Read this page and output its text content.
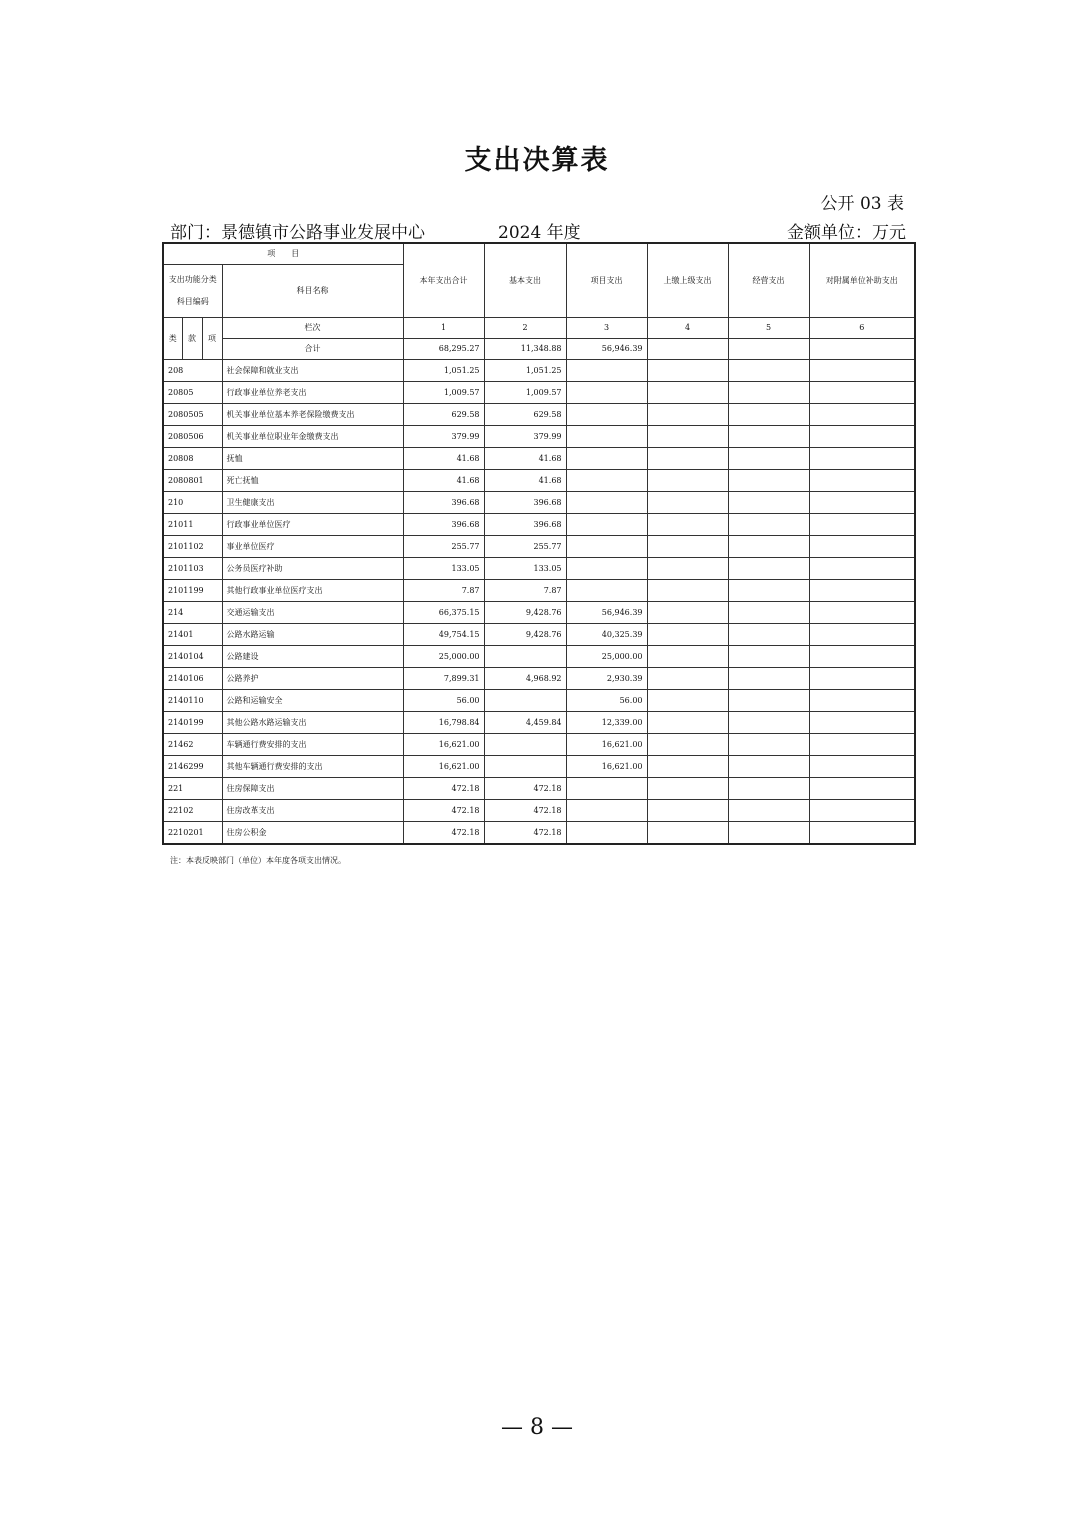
支出决算表
公开 03 表
部门：景德镇市公路事业发展中心	2024 年度	金额单位：万元
项　　目				本年支出合计	基本支出	项目支出	上缴上级支出	经营支出	对附属单位补助支出
支出功能分类科目编码			科目名称						
类	款	项	栏次	1	2	3	4	5	6
			合计	68,295.27	11,348.88	56,946.39			
208			社会保障和就业支出	1,051.25	1,051.25				
20805			行政事业单位养老支出	1,009.57	1,009.57				
2080505			机关事业单位基本养老保险缴费支出	629.58	629.58				
2080506			机关事业单位职业年金缴费支出	379.99	379.99				
20808			抚恤	41.68	41.68				
2080801			死亡抚恤	41.68	41.68				
210			卫生健康支出	396.68	396.68				
21011			行政事业单位医疗	396.68	396.68				
2101102			事业单位医疗	255.77	255.77				
2101103			公务员医疗补助	133.05	133.05				
2101199			其他行政事业单位医疗支出	7.87	7.87				
214			交通运输支出	66,375.15	9,428.76	56,946.39			
21401			公路水路运输	49,754.15	9,428.76	40,325.39			
2140104			公路建设	25,000.00		25,000.00			
2140106			公路养护	7,899.31	4,968.92	2,930.39			
2140110			公路和运输安全	56.00		56.00			
2140199			其他公路水路运输支出	16,798.84	4,459.84	12,339.00			
21462			车辆通行费安排的支出	16,621.00		16,621.00			
2146299			其他车辆通行费安排的支出	16,621.00		16,621.00			
221			住房保障支出	472.18	472.18				
22102			住房改革支出	472.18	472.18				
2210201			住房公积金	472.18	472.18				
注：本表反映部门（单位）本年度各项支出情况。
— 8 —
